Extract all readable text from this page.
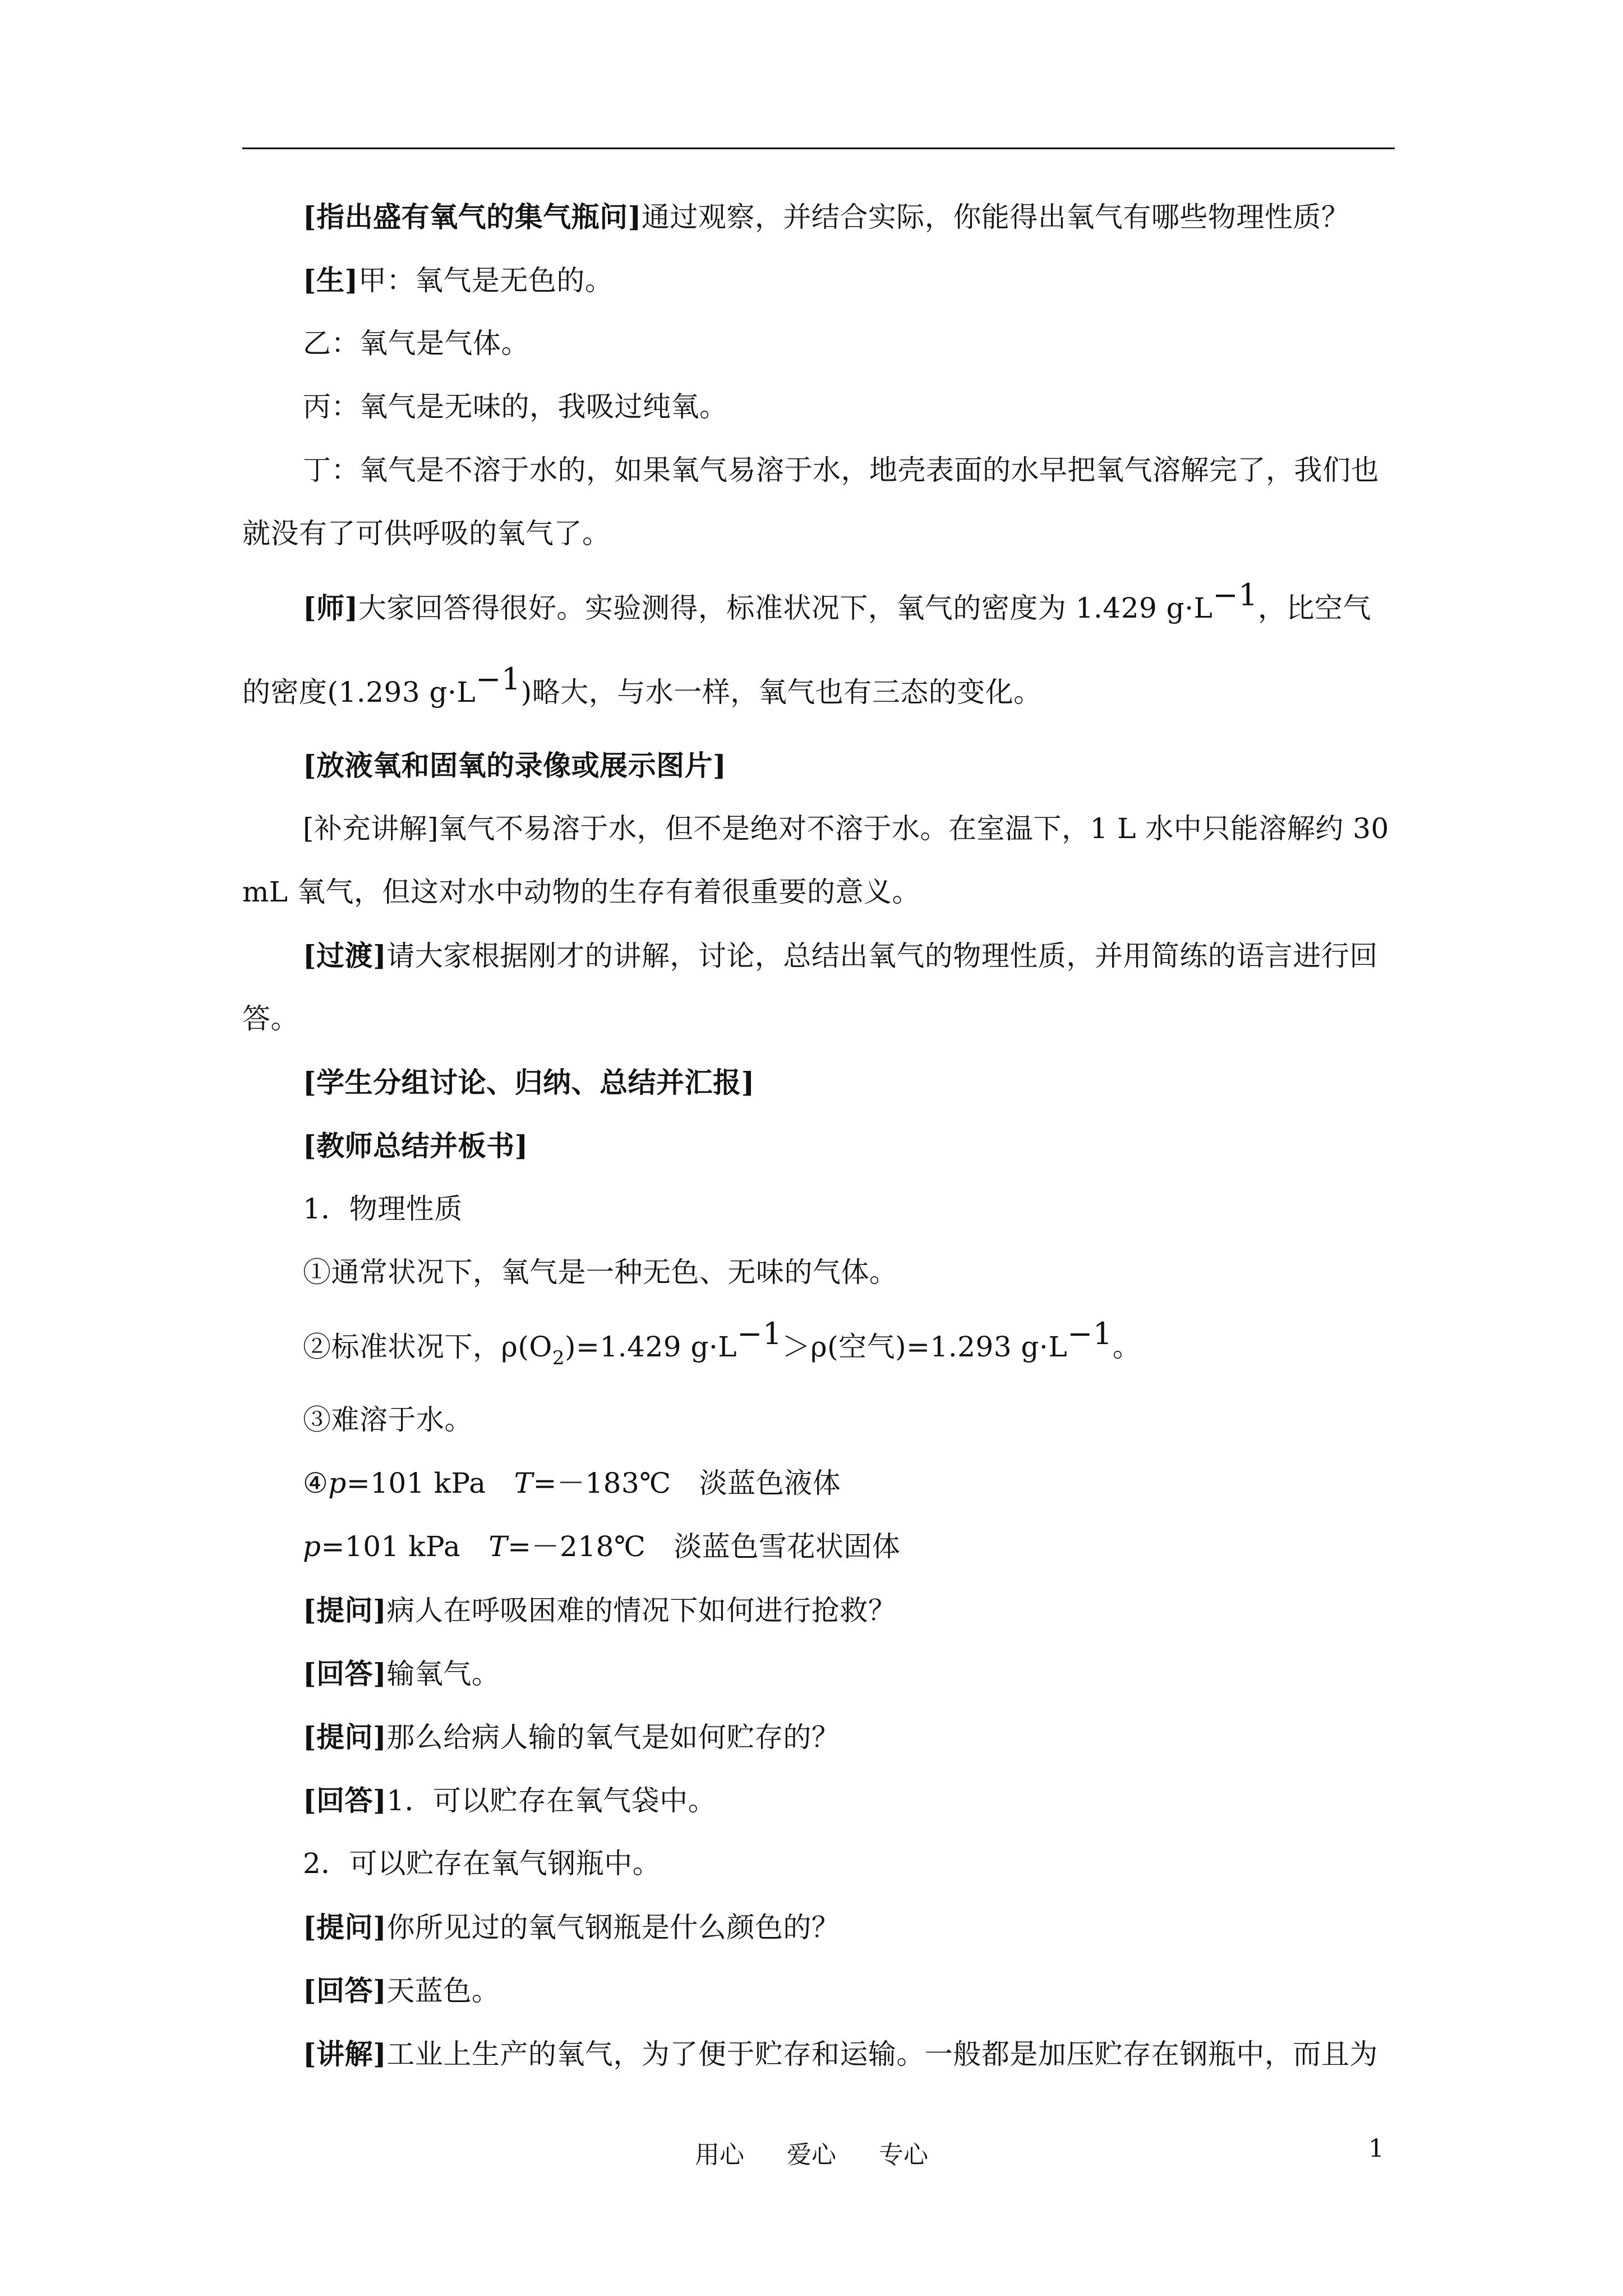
[指出盛有氧气的集气瓶问]通过观察，并结合实际，你能得出氧气有哪些物理性质？

[生]甲：氧气是无色的。

乙：氧气是气体。

丙：氧气是无味的，我吸过纯氧。

丁：氧气是不溶于水的，如果氧气易溶于水，地壳表面的水早把氧气溶解完了，我们也

就没有了可供呼吸的氧气了。

[师]大家回答得很好。实验测得，标准状况下，氧气的密度为 1.429 g·L−1，比空气

的密度(1.293 g·L−1)略大，与水一样，氧气也有三态的变化。

[放液氧和固氧的录像或展示图片]

[补充讲解]氧气不易溶于水，但不是绝对不溶于水。在室温下，1 L 水中只能溶解约 30

mL 氧气，但这对水中动物的生存有着很重要的意义。

[过渡]请大家根据刚才的讲解，讨论，总结出氧气的物理性质，并用简练的语言进行回

答。

[学生分组讨论、归纳、总结并汇报]

[教师总结并板书]

1．物理性质

①通常状况下，氧气是一种无色、无味的气体。

②标准状况下，$\rho(O_2)=1.429$ g·L−1＞ρ(空气)=1.293 g·L−1。

③难溶于水。

④p=101 kPa T=－183℃ 淡蓝色液体

p=101 kPa T=－218℃ 淡蓝色雪花状固体

[提问]病人在呼吸困难的情况下如何进行抢救？

[回答]输氧气。

[提问]那么给病人输的氧气是如何贮存的？

[回答]1．可以贮存在氧气袋中。

2．可以贮存在氧气钢瓶中。

[提问]你所见过的氧气钢瓶是什么颜色的？

[回答]天蓝色。

[讲解]工业上生产的氧气，为了便于贮存和运输。一般都是加压贮存在钢瓶中，而且为

用心 爱心 专心	1
